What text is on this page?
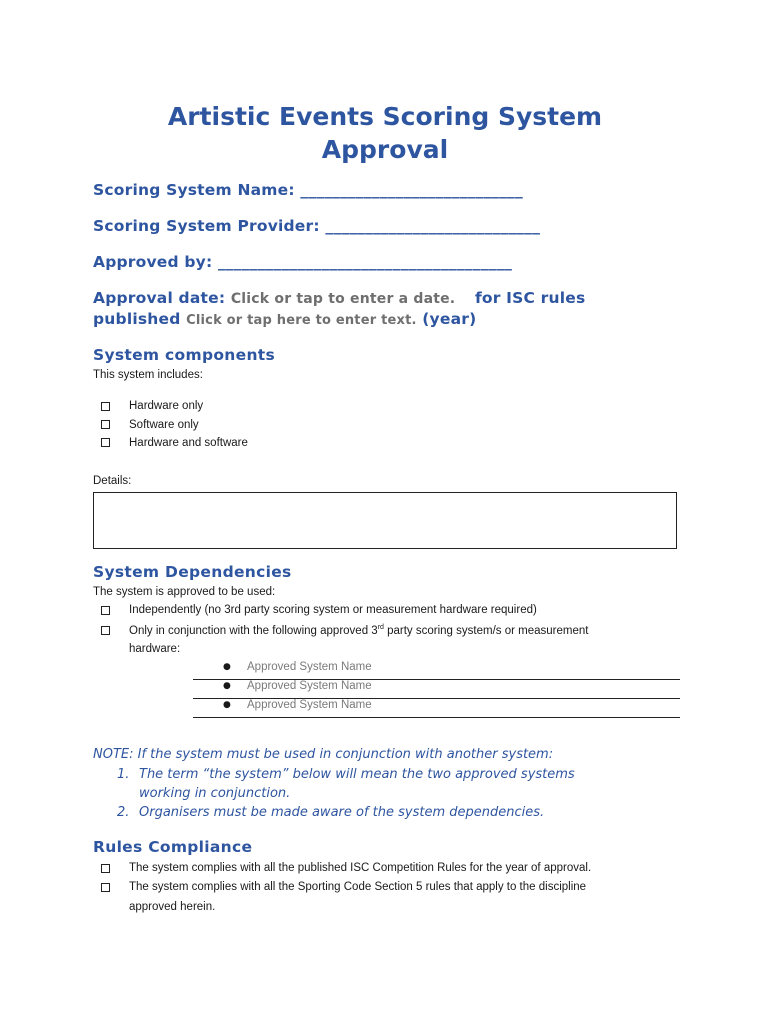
Artistic Events Scoring System
Approval
Scoring System Name: ____________________________
Scoring System Provider: ___________________________
Approved by: _____________________________________
Approval date: Click or tap to enter a date. for ISC rules
published Click or tap here to enter text. (year)
System components
This system includes:
Hardware only
Software only
Hardware and software
Details:
System Dependencies
The system is approved to be used:
Independently (no 3rd party scoring system or measurement hardware required)
Only in conjunction with the following approved 3rd party scoring system/s or measurement
hardware:
● Approved System Name
● Approved System Name
● Approved System Name
NOTE: If the system must be used in conjunction with another system:
1. The term “the system” below will mean the two approved systems
working in conjunction.
2. Organisers must be made aware of the system dependencies.
Rules Compliance
The system complies with all the published ISC Competition Rules for the year of approval.
The system complies with all the Sporting Code Section 5 rules that apply to the discipline
approved herein.
